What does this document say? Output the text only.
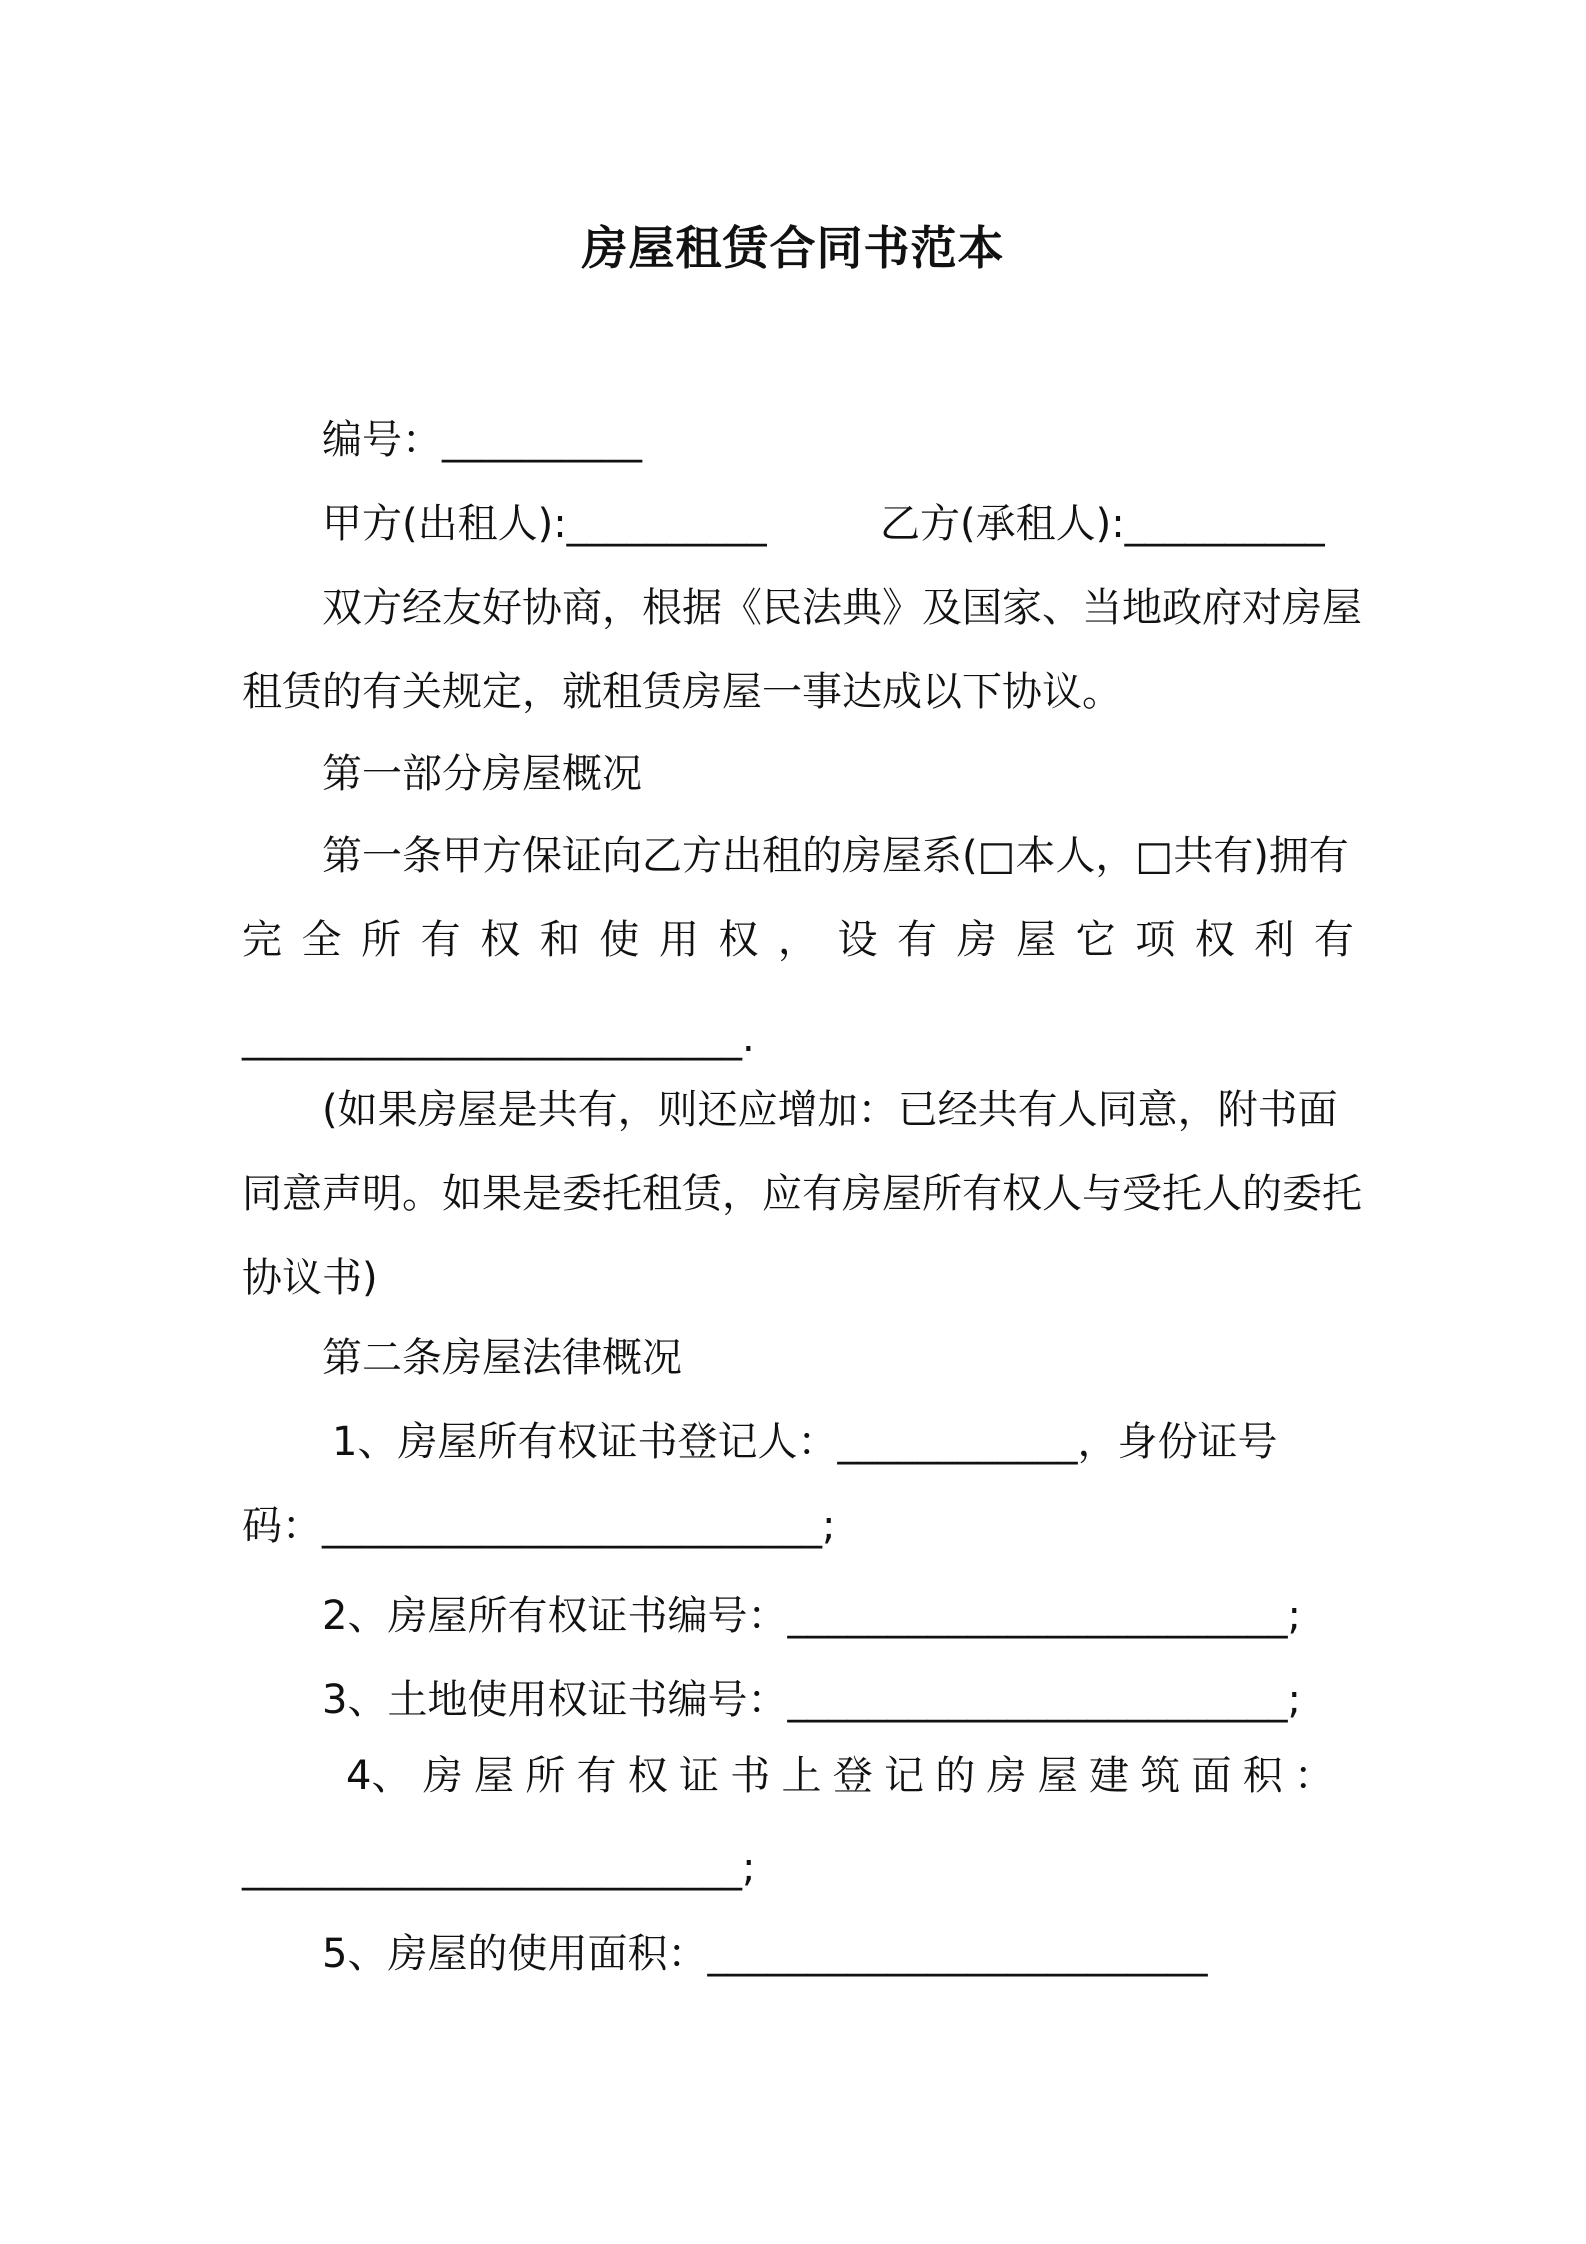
房屋租赁合同书范本
编号：__________
甲方(出租人):__________	乙方(承租人):__________
双方经友好协商，根据《民法典》及国家、当地政府对房屋
租赁的有关规定，就租赁房屋一事达成以下协议。
第一部分房屋概况
第一条甲方保证向乙方出租的房屋系(□本人，□共有)拥有
完 全 所 有 权 和 使 用 权 ， 设 有 房 屋 它 项 权 利 有
_________________________.
(如果房屋是共有，则还应增加：已经共有人同意，附书面
同意声明。如果是委托租赁，应有房屋所有权人与受托人的委托
协议书)
第二条房屋法律概况
1、房屋所有权证书登记人：____________，身份证号
码：_________________________;
2、房屋所有权证书编号：_________________________;
3、土地使用权证书编号：_________________________;
4、 房 屋 所 有 权 证 书 上 登 记 的 房 屋 建 筑 面 积 ：
_________________________;
5、房屋的使用面积：_________________________
